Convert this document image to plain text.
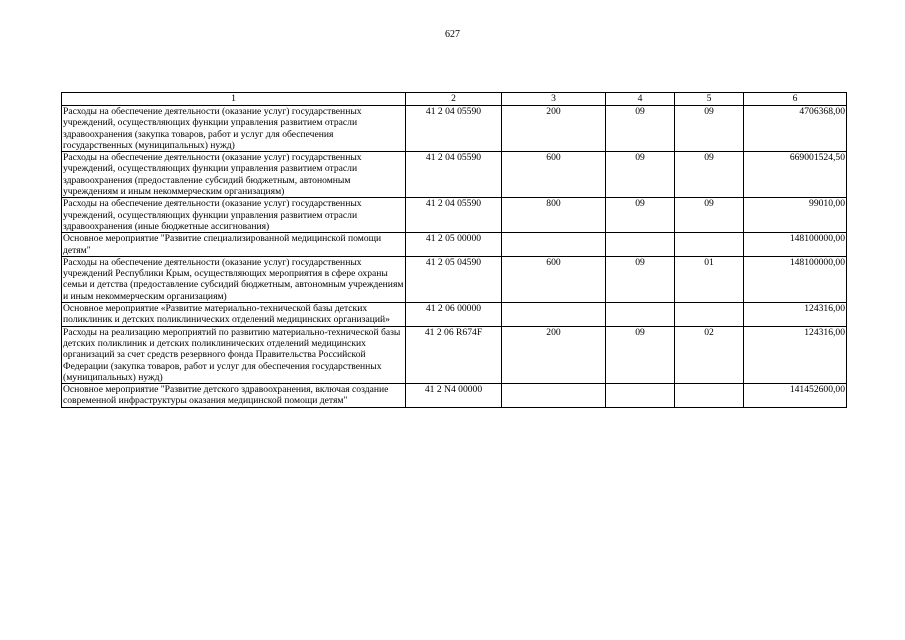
627
1	2	3	4	5	6
Расходы на обеспечение деятельности (оказание услуг) государственных учреждений, осуществляющих функции управления развитием отрасли здравоохранения (закупка товаров, работ и услуг для обеспечения государственных (муниципальных) нужд)	41 2 04 05590	200	09	09	4706368,00
Расходы на обеспечение деятельности (оказание услуг) государственных учреждений, осуществляющих функции управления развитием отрасли здравоохранения (предоставление субсидий бюджетным, автономным учреждениям и иным некоммерческим организациям)	41 2 04 05590	600	09	09	669001524,50
Расходы на обеспечение деятельности (оказание услуг) государственных учреждений, осуществляющих функции управления развитием отрасли здравоохранения (иные бюджетные ассигнования)	41 2 04 05590	800	09	09	99010,00
Основное мероприятие "Развитие специализированной медицинской помощи детям"	41 2 05 00000				148100000,00
Расходы на обеспечение деятельности (оказание услуг) государственных учреждений Республики Крым, осуществляющих мероприятия в сфере охраны семьи и детства (предоставление субсидий бюджетным, автономным учреждениям и иным некоммерческим организациям)	41 2 05 04590	600	09	01	148100000,00
Основное мероприятие «Развитие материально-технической базы детских поликлиник и детских поликлинических отделений медицинских организаций»	41 2 06 00000				124316,00
Расходы на реализацию мероприятий по развитию материально-технической базы детских поликлиник и детских поликлинических отделений медицинских организаций за счет средств резервного фонда Правительства Российской Федерации (закупка товаров, работ и услуг для обеспечения государственных (муниципальных) нужд)	41 2 06 R674F	200	09	02	124316,00
Основное мероприятие "Развитие детского здравоохранения, включая создание современной инфраструктуры оказания медицинской помощи детям"	41 2 N4 00000				141452600,00
